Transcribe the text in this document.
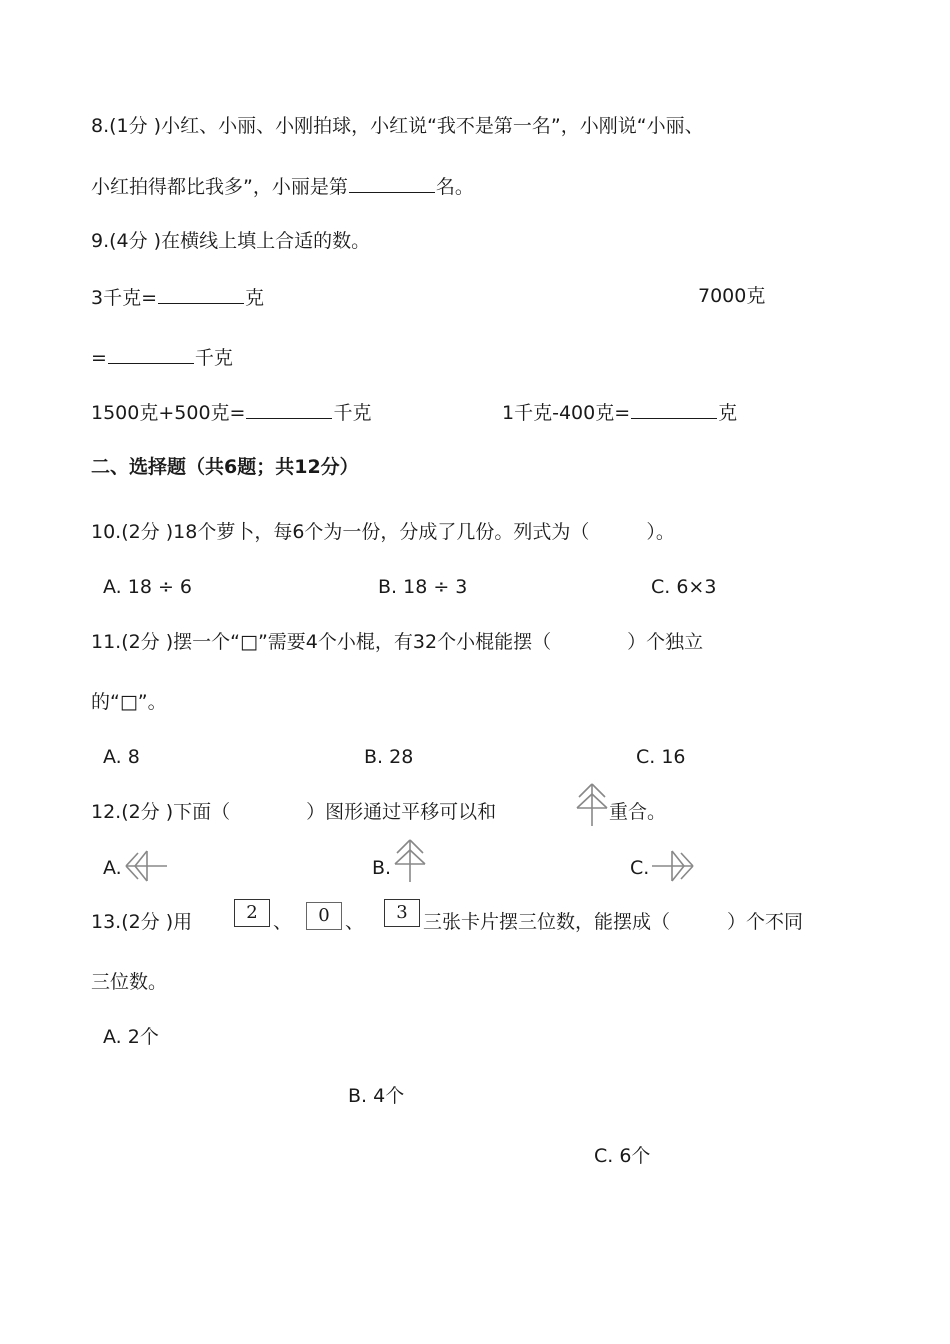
8.(1分 )小红、小丽、小刚拍球，小红说“我不是第一名”，小刚说“小丽、
小红拍得都比我多”，小丽是第	名。
9.(4分 )在横线上填上合适的数。
3千克=	克	7000克
=	千克
1500克+500克=	千克	1千克-400克=	克
二、选择题（共6题；共12分）
10.(2分 )18个萝卜，每6个为一份，分成了几份。列式为（　　　）。
A. 18 ÷ 6	B. 18 ÷ 3	C. 6×3
11.(2分 )摆一个“□”需要4个小棍，有32个小棍能摆（　　　　）个独立
的“□”。
A. 8	B. 28	C. 16
12.(2分 )下面（　　　　）图形通过平移可以和	重合。
A.	B.	C.
13.(2分 )用	2 、	0 、	3 三张卡片摆三位数，能摆成（　　　）个不同
三位数。
A. 2个
B. 4个
C. 6个
